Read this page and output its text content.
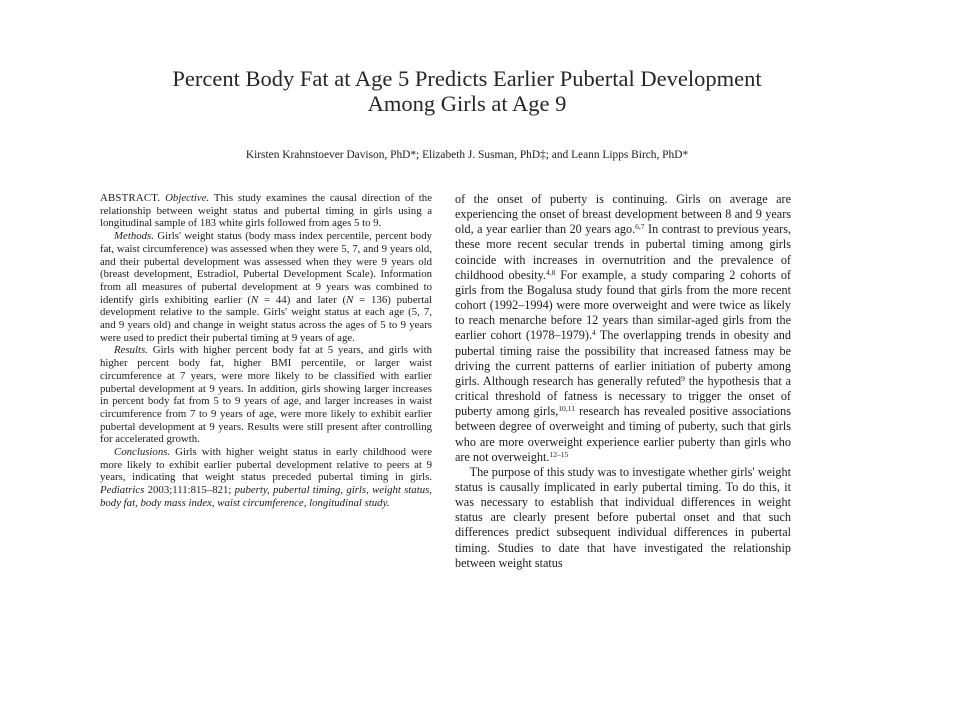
Percent Body Fat at Age 5 Predicts Earlier Pubertal Development
Among Girls at Age 9
Kirsten Krahnstoever Davison, PhD*; Elizabeth J. Susman, PhD‡; and Leann Lipps Birch, PhD*

ABSTRACT. Objective. This study examines the causal direction of the relationship between weight status and pubertal timing in girls using a longitudinal sample of 183 white girls followed from ages 5 to 9.

Methods. Girls' weight status (body mass index percentile, percent body fat, waist circumference) was assessed when they were 5, 7, and 9 years old, and their pubertal development was assessed when they were 9 years old (breast development, Estradiol, Pubertal Development Scale). Information from all measures of pubertal development at 9 years was combined to identify girls exhibiting earlier (N = 44) and later (N = 136) pubertal development relative to the sample. Girls' weight status at each age (5, 7, and 9 years old) and change in weight status across the ages of 5 to 9 years were used to predict their pubertal timing at 9 years of age.

Results. Girls with higher percent body fat at 5 years, and girls with higher percent body fat, higher BMI percentile, or larger waist circumference at 7 years, were more likely to be classified with earlier pubertal development at 9 years. In addition, girls showing larger increases in percent body fat from 5 to 9 years of age, and larger increases in waist circumference from 7 to 9 years of age, were more likely to exhibit earlier pubertal development at 9 years. Results were still present after controlling for accelerated growth.

Conclusions. Girls with higher weight status in early childhood were more likely to exhibit earlier pubertal development relative to peers at 9 years, indicating that weight status preceded pubertal timing in girls. Pediatrics 2003;111:815–821; puberty, pubertal timing, girls, weight status, body fat, body mass index, waist circumference, longitudinal study.

of the onset of puberty is continuing. Girls on average are experiencing the onset of breast development between 8 and 9 years old, a year earlier than 20 years ago.$^{6,7}$ In contrast to previous years, these more recent secular trends in pubertal timing among girls coincide with increases in overnutrition and the prevalence of childhood obesity.$^{4,8}$ For example, a study comparing 2 cohorts of girls from the Bogalusa study found that girls from the more recent cohort (1992–1994) were more overweight and were twice as likely to reach menarche before 12 years than similar-aged girls from the earlier cohort (1978–1979).$^4$ The overlapping trends in obesity and pubertal timing raise the possibility that increased fatness may be driving the current patterns of earlier initiation of puberty among girls. Although research has generally refuted$^9$ the hypothesis that a critical threshold of fatness is necessary to trigger the onset of puberty among girls,$^{10,11}$ research has revealed positive associations between degree of overweight and timing of puberty, such that girls who are more overweight experience earlier puberty than girls who are not overweight.$^{12-15}$

The purpose of this study was to investigate whether girls' weight status is causally implicated in early pubertal timing. To do this, it was necessary to establish that individual differences in weight status are clearly present before pubertal onset and that such differences predict subsequent individual differences in pubertal timing. Studies to date that have investigated the relationship between weight status
